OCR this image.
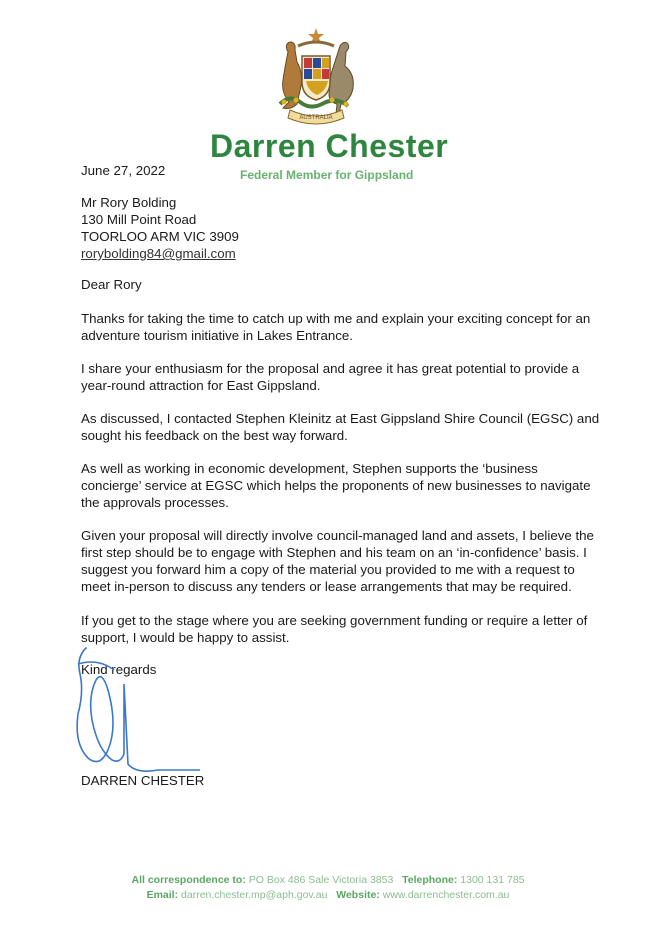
AUSTRALIA
Darren Chester
Federal Member for Gippsland
June 27, 2022
Mr Rory Bolding
130 Mill Point Road
TOORLOO ARM VIC 3909
rorybolding84@gmail.com
Dear Rory
Thanks for taking the time to catch up with me and explain your exciting concept for an adventure tourism initiative in Lakes Entrance.
I share your enthusiasm for the proposal and agree it has great potential to provide a year-round attraction for East Gippsland.
As discussed, I contacted Stephen Kleinitz at East Gippsland Shire Council (EGSC) and sought his feedback on the best way forward.
As well as working in economic development, Stephen supports the ‘business concierge’ service at EGSC which helps the proponents of new businesses to navigate the approvals processes.
Given your proposal will directly involve council-managed land and assets, I believe the first step should be to engage with Stephen and his team on an ‘in-confidence’ basis. I suggest you forward him a copy of the material you provided to me with a request to meet in-person to discuss any tenders or lease arrangements that may be required.
If you get to the stage where you are seeking government funding or require a letter of support, I would be happy to assist.
Kind regards
DARREN CHESTER
All correspondence to: PO Box 486 Sale Victoria 3853 Telephone: 1300 131 785
Email: darren.chester.mp@aph.gov.au Website: www.darrenchester.com.au
